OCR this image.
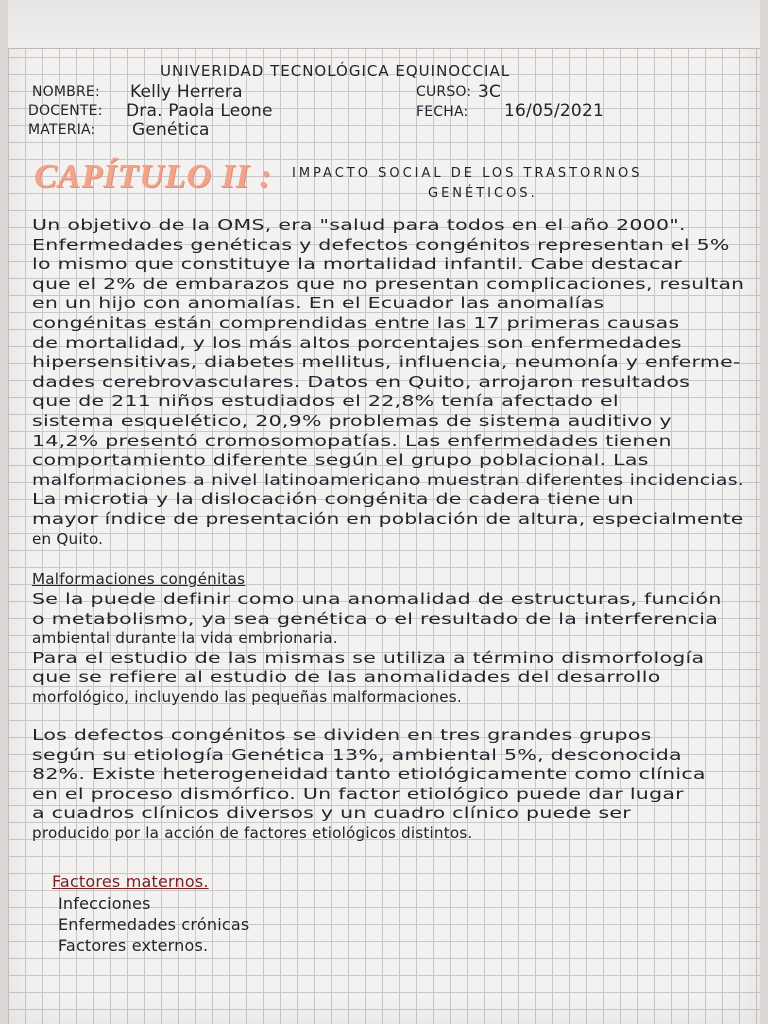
UNIVERIDAD TECNOLÓGICA EQUINOCCIAL
NOMBRE: Kelly Herrera	CURSO: 3C
DOCENTE: Dra. Paola Leone	FECHA: 16/05/2021
MATERIA: Genética
CAPÍTULO II : IMPACTO SOCIAL DE LOS TRASTORNOS
GENÉTICOS.
Un objetivo de la OMS, era "salud para todos en el año 2000".
Enfermedades genéticas y defectos congénitos representan el 5%
lo mismo que constituye la mortalidad infantil. Cabe destacar
que el 2% de embarazos que no presentan complicaciones, resultan
en un hijo con anomalías. En el Ecuador las anomalías
congénitas están comprendidas entre las 17 primeras causas
de mortalidad, y los más altos porcentajes son enfermedades
hipersensitivas, diabetes mellitus, influencia, neumonía y enferme-
dades cerebrovasculares. Datos en Quito, arrojaron resultados
que de 211 niños estudiados el 22,8% tenía afectado el
sistema esquelético, 20,9% problemas de sistema auditivo y
14,2% presentó cromosomopatías. Las enfermedades tienen
comportamiento diferente según el grupo poblacional. Las
malformaciones a nivel latinoamericano muestran diferentes incidencias.
La microtia y la dislocación congénita de cadera tiene un
mayor índice de presentación en población de altura, especialmente
en Quito.
Malformaciones congénitas
Se la puede definir como una anomalidad de estructuras, función
o metabolismo, ya sea genética o el resultado de la interferencia
ambiental durante la vida embrionaria.
Para el estudio de las mismas se utiliza a término dismorfología
que se refiere al estudio de las anomalidades del desarrollo
morfológico, incluyendo las pequeñas malformaciones.
Los defectos congénitos se dividen en tres grandes grupos
según su etiología Genética 13%, ambiental 5%, desconocida
82%. Existe heterogeneidad tanto etiológicamente como clínica
en el proceso dismórfico. Un factor etiológico puede dar lugar
a cuadros clínicos diversos y un cuadro clínico puede ser
producido por la acción de factores etiológicos distintos.
Factores maternos.
Infecciones
Enfermedades crónicas
Factores externos.
